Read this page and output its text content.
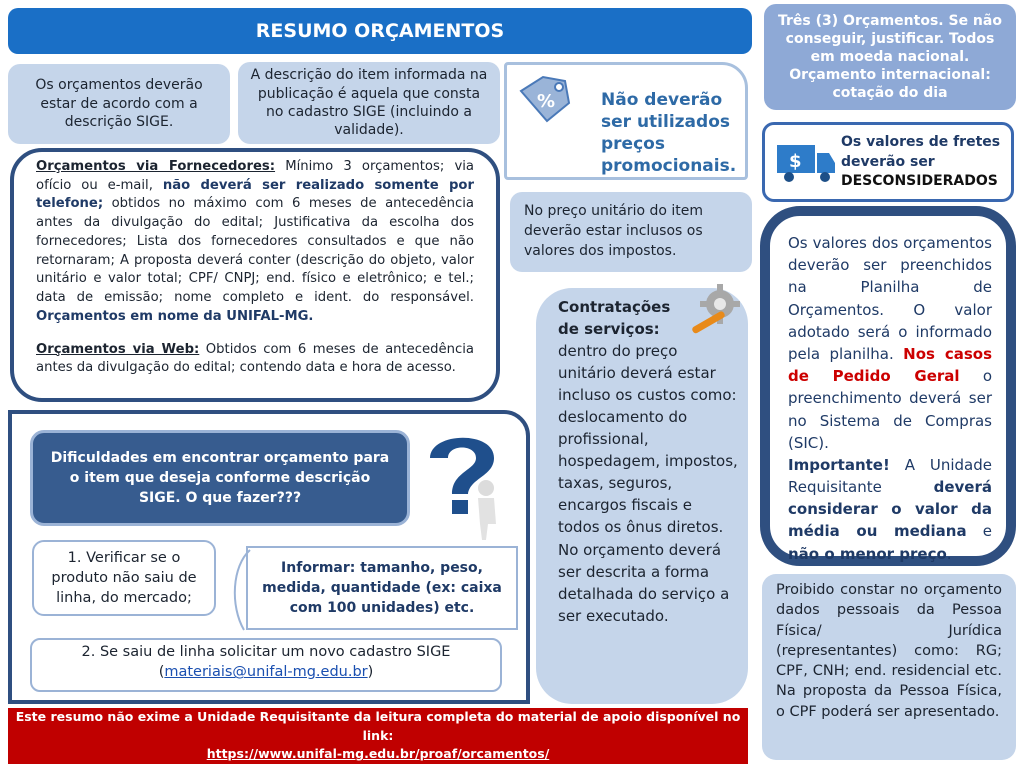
RESUMO ORÇAMENTOS
Os orçamentos deverão estar de acordo com a descrição SIGE.
A descrição do item informada na publicação é aquela que consta no cadastro SIGE (incluindo a validade).
%	Não deverão ser utilizados preços promocionais.
Três (3) Orçamentos. Se não conseguir, justificar. Todos em moeda nacional. Orçamento internacional: cotação do dia
$
Os valores de fretes deverão ser DESCONSIDERADOS

Orçamentos via Fornecedores: Mínimo 3 orçamentos; via ofício ou e-mail, não deverá ser realizado somente por telefone; obtidos no máximo com 6 meses de antecedência antes da divulgação do edital; Justificativa da escolha dos fornecedores; Lista dos fornecedores consultados e que não retornaram; A proposta deverá conter (descrição do objeto, valor unitário e valor total; CPF/ CNPJ; end. físico e eletrônico; e tel.; data de emissão; nome completo e ident. do responsável. Orçamentos em nome da UNIFAL-MG.

Orçamentos via Web: Obtidos com 6 meses de antecedência antes da divulgação do edital; contendo data e hora de acesso.

No preço unitário do item deverão estar inclusos os valores dos impostos.	Os valores dos orçamentos deverão ser preenchidos na Planilha de Orçamentos. O valor adotado será o informado pela planilha. Nos casos de Pedido Geral o preenchimento deverá ser no Sistema de Compras (SIC).
Importante! A Unidade Requisitante deverá considerar o valor da média ou mediana e não o menor preço.
Contratações de serviços:
dentro do preço unitário deverá estar incluso os custos como: deslocamento do profissional, hospedagem, impostos, taxas, seguros, encargos fiscais e todos os ônus diretos. No orçamento deverá ser descrita a forma detalhada do serviço a ser executado.
Dificuldades em encontrar orçamento para o item que deseja conforme descrição SIGE. O que fazer???
1. Verificar se o produto não saiu de linha, do mercado;
Informar: tamanho, peso, medida, quantidade (ex: caixa com 100 unidades) etc.
2. Se saiu de linha solicitar um novo cadastro SIGE
(materiais@unifal-mg.edu.br)
Proibido constar no orçamento dados pessoais da Pessoa Física/ Jurídica (representantes) como: RG; CPF, CNH; end. residencial etc. Na proposta da Pessoa Física, o CPF poderá ser apresentado.
Este resumo não exime a Unidade Requisitante da leitura completa do material de apoio disponível no link:
https://www.unifal-mg.edu.br/proaf/orcamentos/
